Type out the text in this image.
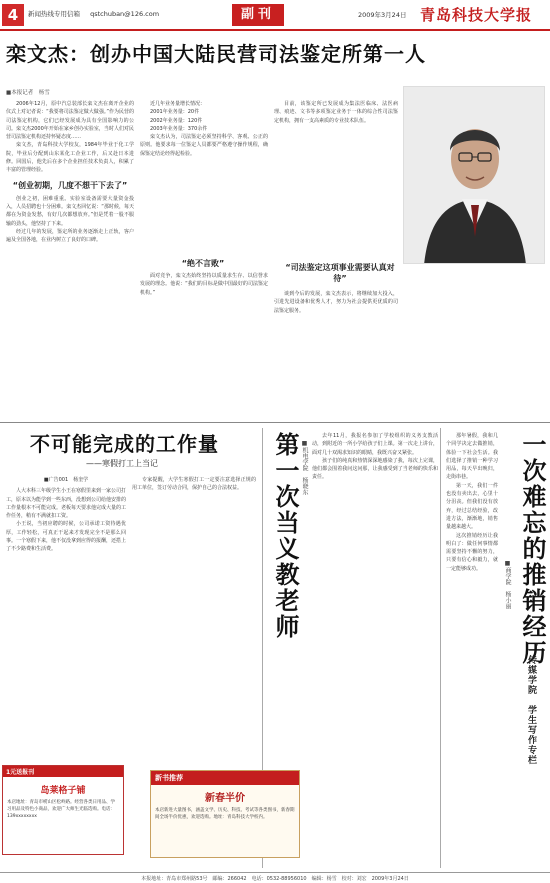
4	新闻热线专用信箱 qstchuban@126.com	副刊	2009年3月24日 青岛科技大学报
栾文杰：创办中国大陆民营司法鉴定所第一人
■本报记者　杨雪

2006年12月，原中汽总装部长栾文杰在离开企业的仪式上对记者说：“我要将司法鉴定做大做强。”作为民营的司法鉴定机构，它们已经发展成为具有全国影响力的公司。栾文杰2000年开始在家乡创办实验室，当时人们对民营司法鉴定机构还持怀疑态度……

栾文杰，青岛科技大学校友，1984年毕业于化工学院，毕业后分配到山东某化工企业工作，后又赴日本进修。回国后，他先后在多个企业担任技术负责人，积累了丰富的管理经验。

“创业初期，几度不想干下去了”

创业之初，困难重重。实验室设备需要大量资金投入，人员招聘也十分困难。栾文杰回忆说：“那时候，每天都在为资金发愁，有好几次都想放弃。”但是凭着一股不服输的劲头，他坚持了下来。

经过几年的发展，鉴定所的业务逐渐走上正轨，客户遍及全国各地，在业内树立了良好的口碑。

近几年业务量增长情况：

2001年业务量：20件
2002年业务量：120件
2003年业务量：370余件

栾文杰认为，司法鉴定必须坚持科学、客观、公正的原则。他要求每一位鉴定人员都要严格遵守操作规程，确保鉴定结论经得起检验。

“绝不言败”

面对竞争，栾文杰始终坚持以质量求生存、以信誉求发展的理念。他说：“我们的目标是做中国最好的司法鉴定机构。”

目前，该鉴定所已发展成为集法医临床、法医病理、痕迹、文书等多项鉴定业务于一体的综合性司法鉴定机构，拥有一支高素质的专业技术队伍。

“司法鉴定这项事业需要认真对待”

谈到今后的发展，栾文杰表示，将继续加大投入，引进先进设备和优秀人才，努力为社会提供更优质的司法鉴定服务。

不可能完成的工作量
——寒假打工上当记
■广告001　杨奎学

人大本科三年级学生小王在寒假里来到一家公司打工，原本以为能学到一些东西，没想到公司给他安排的工作量根本不可能完成。老板每天要求他完成大量的工作任务，稍有不满就扣工资。

小王说，当初应聘的时候，公司承诺工资待遇优厚，工作轻松，可真正干起来才发现完全不是那么回事。一个寒假下来，他不仅没拿到应得的报酬，还搭上了不少路费和生活费。

专家提醒，大学生寒假打工一定要注意选择正规的用工单位，签订劳动合同，保护自己的合法权益。	第一次当义教老师 ■机电学院　杨晓东

去年11月，我报名参加了学校组织的义务支教活动，到附近的一所小学给孩子们上课。第一次走上讲台，面对几十双渴求知识的眼睛，我既兴奋又紧张。

孩子们的纯真和热情深深地感染了我，每次上完课，他们都会围着我问这问那，让我感受到了当老师的快乐和责任。	一次难忘的推销经历
传媒学院　学生写作专栏
■商学院　杨小丽

那年暑假，我和几个同学决定去做推销，体验一下社会生活。我们选择了推销一种学习用品，每天早出晚归，走街串巷。

第一天，我们一件也没有卖出去，心里十分沮丧。但我们没有放弃，经过总结经验，改进方法，渐渐地，销售量越来越大。

这次推销经历让我明白了：做任何事情都需要坚持不懈的努力，只要有信心和毅力，就一定能够成功。

1元送报刊
岛莱格子铺
本店地址：青岛市崂山区松岭路。经营各类日用品、学习用品及特色小商品，欢迎广大师生光临选购。电话：139xxxxxxxx
新书推荐
新春半价
本店新进大量图书，涵盖文学、历史、科技、考试等各类图书，新春期间全场半价优惠，欢迎选购。地址：青岛科技大学校内。
本报地址：青岛市郑州路53号　邮编：266042　电话：0532-88956010　编辑：杨雪　校对：刘宏　2009年3月24日
